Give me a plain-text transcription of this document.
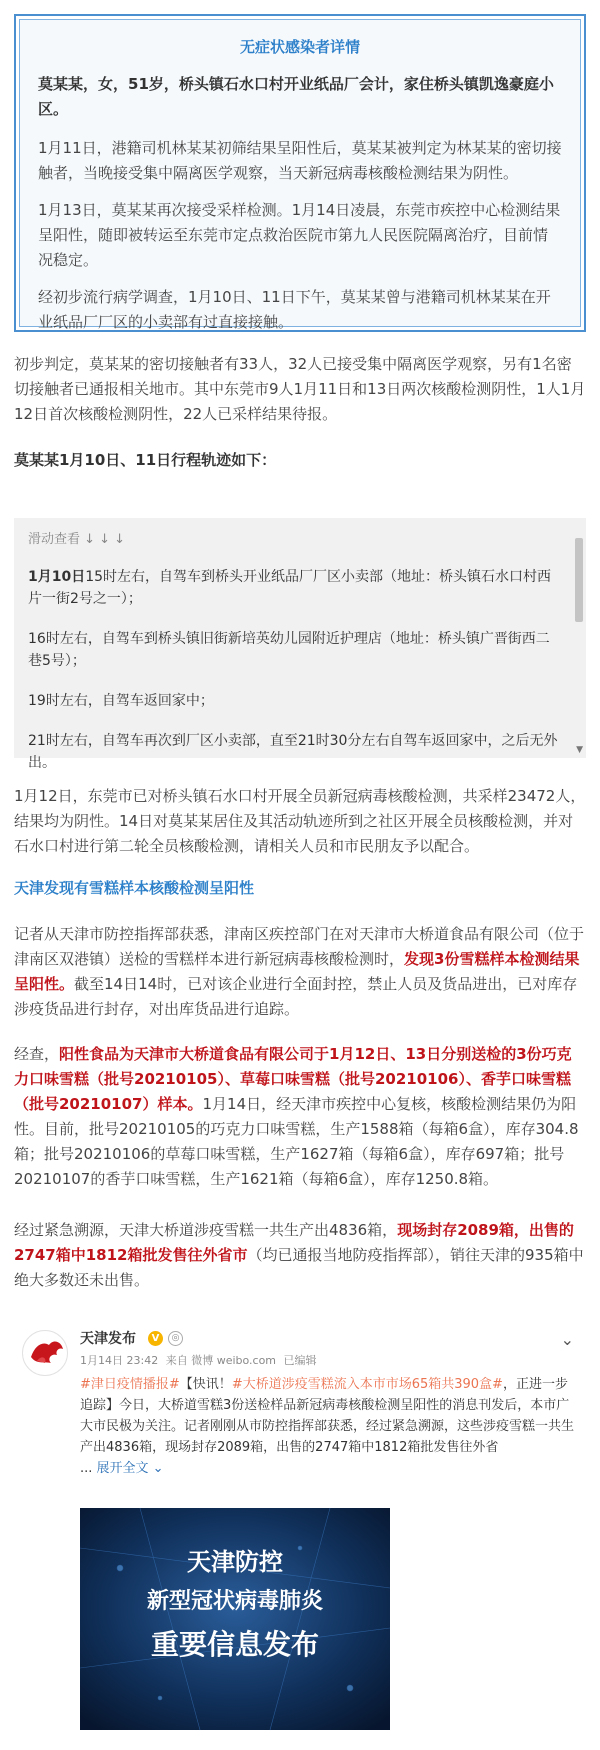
无症状感染者详情
莫某某，女，51岁，桥头镇石水口村开业纸品厂会计，家住桥头镇凯逸豪庭小区。
1月11日，港籍司机林某某初筛结果呈阳性后，莫某某被判定为林某某的密切接触者，当晚接受集中隔离医学观察，当天新冠病毒核酸检测结果为阴性。
1月13日，莫某某再次接受采样检测。1月14日凌晨，东莞市疾控中心检测结果呈阳性，随即被转运至东莞市定点救治医院市第九人民医院隔离治疗，目前情况稳定。
经初步流行病学调查，1月10日、11日下午，莫某某曾与港籍司机林某某在开业纸品厂厂区的小卖部有过直接接触。

初步判定，莫某某的密切接触者有33人，32人已接受集中隔离医学观察，另有1名密切接触者已通报相关地市。其中东莞市9人1月11日和13日两次核酸检测阴性，1人1月12日首次核酸检测阴性，22人已采样结果待报。

莫某某1月10日、11日行程轨迹如下：

滑动查看 ↓ ↓ ↓

1月10日15时左右，自驾车到桥头开业纸品厂厂区小卖部（地址：桥头镇石水口村西片一街2号之一）；

16时左右，自驾车到桥头镇旧街新培英幼儿园附近护理店（地址：桥头镇广晋街西二巷5号）；

19时左右，自驾车返回家中；

21时左右，自驾车再次到厂区小卖部，直至21时30分左右自驾车返回家中，之后无外出。

▼

1月12日，东莞市已对桥头镇石水口村开展全员新冠病毒核酸检测，共采样23472人，结果均为阴性。14日对莫某某居住及其活动轨迹所到之社区开展全员核酸检测，并对石水口村进行第二轮全员核酸检测，请相关人员和市民朋友予以配合。

天津发现有雪糕样本核酸检测呈阳性

记者从天津市防控指挥部获悉，津南区疾控部门在对天津市大桥道食品有限公司（位于津南区双港镇）送检的雪糕样本进行新冠病毒核酸检测时，发现3份雪糕样本检测结果呈阳性。截至14日14时，已对该企业进行全面封控，禁止人员及货品进出，已对库存涉疫货品进行封存，对出库货品进行追踪。

经查，阳性食品为天津市大桥道食品有限公司于1月12日、13日分别送检的3份巧克力口味雪糕（批号20210105）、草莓口味雪糕（批号20210106）、香芋口味雪糕（批号20210107）样本。1月14日，经天津市疾控中心复核，核酸检测结果仍为阳性。目前，批号20210105的巧克力口味雪糕，生产1588箱（每箱6盒），库存304.8箱；批号20210106的草莓口味雪糕，生产1627箱（每箱6盒），库存697箱；批号20210107的香芋口味雪糕，生产1621箱（每箱6盒），库存1250.8箱。

经过紧急溯源，天津大桥道涉疫雪糕一共生产出4836箱，现场封存2089箱，出售的2747箱中1812箱批发售往外省市（均已通报当地防疫指挥部），销往天津的935箱中绝大多数还未出售。

天津发布	V	◎	⌄
1月14日 23:42 来自 微博 weibo.com 已编辑
#津日疫情播报#【快讯！#大桥道涉疫雪糕流入本市市场65箱共390盒#，正进一步追踪】今日，大桥道雪糕3份送检样品新冠病毒核酸检测呈阳性的消息刊发后，本市广大市民极为关注。记者刚刚从市防控指挥部获悉，经过紧急溯源，这些涉疫雪糕一共生产出4836箱，现场封存2089箱，出售的2747箱中1812箱批发售往外省
... 展开全文 ⌄
天津防控
新型冠状病毒肺炎
重要信息发布
